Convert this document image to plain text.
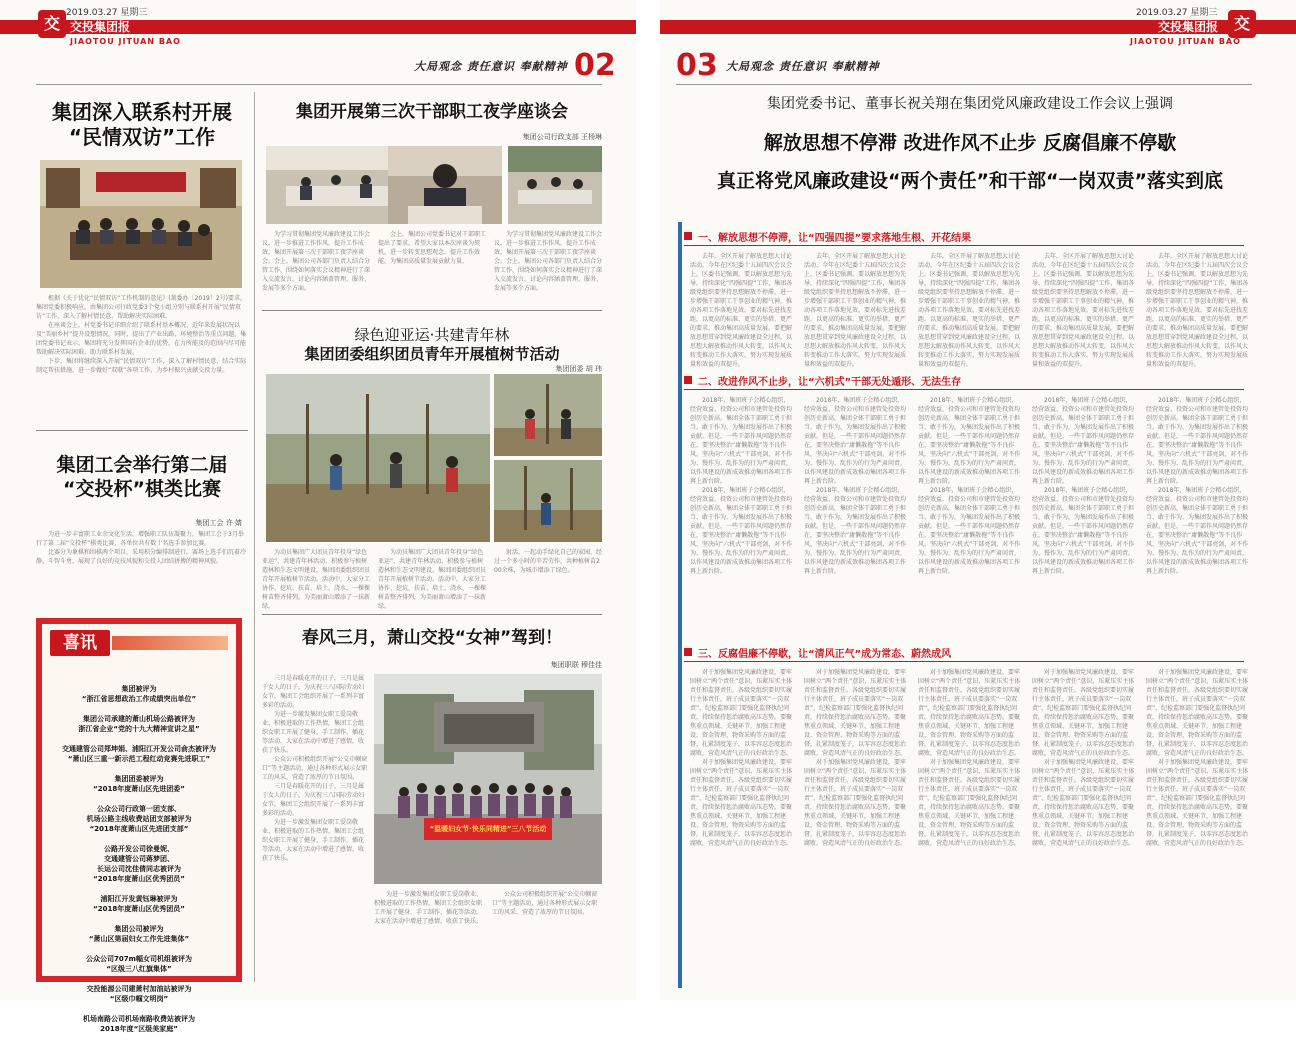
2019.03.27 星期三
交 交投集团报
JIAOTOU JITUAN BAO
大局观念 责任意识 奉献精神 02
集团深入联系村开展
“民情双访”工作

根据《关于优化“民情双访”工作机制的意见》(萧委办〔2019〕2号)要求，集团党委积极响应，由集团公司行政党委3个党小组分别与联系村开展“民情双访”工作，深入了解村情民意，帮助解决实际困难。

在座谈会上，村党委书记详细介绍了联系村基本概况、近年来发展状况以及“美丽乡村”提升设想情况。同时，提出了产业出路、环境整治等重点问题。集团党委书记表示，集团将充分发挥国有企业的优势，在力所能及的范围内尽可能帮助解决实际困难，助力联系村发展。

下步，集团将继续深入开展“民情双访”工作，深入了解村情民意，结合实际制定帮扶措施，进一步做好“双联”各项工作，为乡村振兴贡献交投力量。

集团工会举行第二届
“交投杯”棋类比赛
集团工会 许 婧

为进一步丰富职工业余文化生活，增强职工队伍凝聚力，集团工会于3月举行了第二届“交投杯”棋类比赛，各单位共有数十名选手参加比赛。

比赛分为象棋和围棋两个项目，采用积分编排制进行。赛场上选手们沉着冷静、斗智斗勇，展现了良好的竞技风貌和交投人团结拼搏的精神风貌。

喜讯
集团被评为
“浙江省思想政治工作成绩突出单位”
集团公司承建的萧山机场公路被评为
浙江省企业“党的十九大精神宣讲之星”
交通建管公司郑坤娟、浦阳江开发公司俞杰被评为
“萧山区三重一新示范工程红动竞赛先进职工”
集团团委被评为
“2018年度萧山区先进团委”
公众公司行政第一团支部、
机场公路主线收费站团支部被评为
“2018年度萧山区先进团支部”
公路开发公司徐曼妮、
交通建管公司蒋梦团、
长运公司沈佳倩同志被评为
“2018年度萧山区优秀团员”
浦阳江开发黄钰琳被评为
“2018年度萧山区优秀团员”
集团公司被评为
“萧山区第届妇女工作先进集体”
公众公司707m幅女司机组被评为
“区级三八红旗集体”
交投能源公司建萧村加油站被评为
“区级巾帼文明岗”
机场南路公司机场南路收费站被评为
2018年度“区级美家庭”
集团开展第三次干部职工夜学座谈会
集团公司行政支部 王杨琳

为学习贯彻集团党风廉政建设工作会议，进一步推进工作作风，提升工作成效，集团开展第三次干部职工夜学座谈会。会上，集团公司各部门负责人结合分管工作，围绕如何落实会议精神进行了深入交流发言，讨论内容涵盖管理、服务、发展等多个方面。

会上，集团公司党委书记对干部职工提出了要求，希望大家以本次座谈为契机，进一步转变思想观念，提升工作效能，为集团高质量发展贡献力量。

为学习贯彻集团党风廉政建设工作会议，进一步推进工作作风，提升工作成效，集团开展第三次干部职工夜学座谈会。会上，集团公司各部门负责人结合分管工作，围绕如何落实会议精神进行了深入交流发言，讨论内容涵盖管理、服务、发展等多个方面。

绿色迎亚运·共建青年林
集团团委组织团员青年开展植树节活动
集团团委 胡 玮

为动员集团广大团员青年投身“绿色亚运”、共建青年林活动，积极参与植树造林和生态文明建设，集团团委组织团员青年开展植树节活动。活动中，大家分工协作、挖坑、扶苗、培土、浇水，一棵棵树苗整齐排列，为美丽萧山增添了一抹新绿。

为动员集团广大团员青年投身“绿色亚运”、共建青年林活动，积极参与植树造林和生态文明建设，集团团委组织团员青年开展植树节活动。活动中，大家分工协作、挖坑、扶苗、培土、浇水，一棵棵树苗整齐排列，为美丽萧山增添了一抹新绿。

射活，一起动手绿化自己的家园，经过一个多小时的辛苦劳作，共种植树苗200余株，为城市增添了绿色。

春风三月，萧山交投“女神”驾到！
集团职联 穆佳佳

三月是春暖花开的日子，三月是属于女人的日子。为庆祝三八国际劳动妇女节，集团工会组织开展了一系列丰富多彩的活动。

为进一步激发集团女职工爱岗敬业、积极进取的工作热情，集团工会组织女职工开展了健身、手工制作、插花等活动，大家在活动中增进了感情，收获了快乐。

公众公司积极组织开展“公交巾帼窗口”等主题活动，通过各种形式展示女职工的风采，营造了浓厚的节日氛围。

三月是春暖花开的日子，三月是属于女人的日子。为庆祝三八国际劳动妇女节，集团工会组织开展了一系列丰富多彩的活动。

为进一步激发集团女职工爱岗敬业、积极进取的工作热情，集团工会组织女职工开展了健身、手工制作、插花等活动，大家在活动中增进了感情，收获了快乐。

“温暖妇女节·快乐同精进”三八节活动

为进一步激发集团女职工爱岗敬业、积极进取的工作热情，集团工会组织女职工开展了健身、手工制作、插花等活动，大家在活动中增进了感情，收获了快乐。

公众公司积极组织开展“公交巾帼窗口”等主题活动，通过各种形式展示女职工的风采，营造了浓厚的节日氛围。

2019.03.27 星期三
交
交投集团报
JIAOTOU JITUAN BAO
03 大局观念 责任意识 奉献精神
集团党委书记、董事长祝关翔在集团党风廉政建设工作会议上强调
解放思想不停滞 改进作风不止步 反腐倡廉不停歇
真正将党风廉政建设“两个责任”和干部“一岗双责”落实到底
一、解放思想不停滞，让“四强四提”要求落地生根、开花结果

去年，全区开展了解放思想大讨论活动，今年在区纪委十五届四次会议会上，区委书记强调，要以解放思想为先导，持续深化“四强四提”工作，集团各级党组织要坚持思想解放不停滞，进一步增强干部职工干事创业的精气神，推动各项工作落地见效。要对标先进找差距，以更高的标准、更实的举措、更严的要求，推动集团高质量发展。要把解放思想贯穿到党风廉政建设全过程，以思想大解放推动作风大转变，以作风大转变推动工作大落实，努力实现发展质量和效益的双提升。

去年，全区开展了解放思想大讨论活动，今年在区纪委十五届四次会议会上，区委书记强调，要以解放思想为先导，持续深化“四强四提”工作，集团各级党组织要坚持思想解放不停滞，进一步增强干部职工干事创业的精气神，推动各项工作落地见效。要对标先进找差距，以更高的标准、更实的举措、更严的要求，推动集团高质量发展。要把解放思想贯穿到党风廉政建设全过程，以思想大解放推动作风大转变，以作风大转变推动工作大落实，努力实现发展质量和效益的双提升。

去年，全区开展了解放思想大讨论活动，今年在区纪委十五届四次会议会上，区委书记强调，要以解放思想为先导，持续深化“四强四提”工作，集团各级党组织要坚持思想解放不停滞，进一步增强干部职工干事创业的精气神，推动各项工作落地见效。要对标先进找差距，以更高的标准、更实的举措、更严的要求，推动集团高质量发展。要把解放思想贯穿到党风廉政建设全过程，以思想大解放推动作风大转变，以作风大转变推动工作大落实，努力实现发展质量和效益的双提升。

去年，全区开展了解放思想大讨论活动，今年在区纪委十五届四次会议会上，区委书记强调，要以解放思想为先导，持续深化“四强四提”工作，集团各级党组织要坚持思想解放不停滞，进一步增强干部职工干事创业的精气神，推动各项工作落地见效。要对标先进找差距，以更高的标准、更实的举措、更严的要求，推动集团高质量发展。要把解放思想贯穿到党风廉政建设全过程，以思想大解放推动作风大转变，以作风大转变推动工作大落实，努力实现发展质量和效益的双提升。

去年，全区开展了解放思想大讨论活动，今年在区纪委十五届四次会议会上，区委书记强调，要以解放思想为先导，持续深化“四强四提”工作，集团各级党组织要坚持思想解放不停滞，进一步增强干部职工干事创业的精气神，推动各项工作落地见效。要对标先进找差距，以更高的标准、更实的举措、更严的要求，推动集团高质量发展。要把解放思想贯穿到党风廉政建设全过程，以思想大解放推动作风大转变，以作风大转变推动工作大落实，努力实现发展质量和效益的双提升。

二、改进作风不止步，让“六机式”干部无处遁形、无法生存

2018年，集团班子会精心组织，经营效益、投资公司和市建管处投资均创历史新高，集团全体干部职工勇于担当、敢于作为，为集团发展作出了积极贡献。但是，一些干部作风问题仍然存在，要坚决整治“庸懒散拖”等不良作风，坚决向“六机式”干部亮剑，对不作为、慢作为、乱作为的行为严肃问责，以作风建设的新成效推动集团各项工作再上新台阶。

2018年，集团班子会精心组织，经营效益、投资公司和市建管处投资均创历史新高，集团全体干部职工勇于担当、敢于作为，为集团发展作出了积极贡献。但是，一些干部作风问题仍然存在，要坚决整治“庸懒散拖”等不良作风，坚决向“六机式”干部亮剑，对不作为、慢作为、乱作为的行为严肃问责，以作风建设的新成效推动集团各项工作再上新台阶。

2018年，集团班子会精心组织，经营效益、投资公司和市建管处投资均创历史新高，集团全体干部职工勇于担当、敢于作为，为集团发展作出了积极贡献。但是，一些干部作风问题仍然存在，要坚决整治“庸懒散拖”等不良作风，坚决向“六机式”干部亮剑，对不作为、慢作为、乱作为的行为严肃问责，以作风建设的新成效推动集团各项工作再上新台阶。

2018年，集团班子会精心组织，经营效益、投资公司和市建管处投资均创历史新高，集团全体干部职工勇于担当、敢于作为，为集团发展作出了积极贡献。但是，一些干部作风问题仍然存在，要坚决整治“庸懒散拖”等不良作风，坚决向“六机式”干部亮剑，对不作为、慢作为、乱作为的行为严肃问责，以作风建设的新成效推动集团各项工作再上新台阶。

2018年，集团班子会精心组织，经营效益、投资公司和市建管处投资均创历史新高，集团全体干部职工勇于担当、敢于作为，为集团发展作出了积极贡献。但是，一些干部作风问题仍然存在，要坚决整治“庸懒散拖”等不良作风，坚决向“六机式”干部亮剑，对不作为、慢作为、乱作为的行为严肃问责，以作风建设的新成效推动集团各项工作再上新台阶。

2018年，集团班子会精心组织，经营效益、投资公司和市建管处投资均创历史新高，集团全体干部职工勇于担当、敢于作为，为集团发展作出了积极贡献。但是，一些干部作风问题仍然存在，要坚决整治“庸懒散拖”等不良作风，坚决向“六机式”干部亮剑，对不作为、慢作为、乱作为的行为严肃问责，以作风建设的新成效推动集团各项工作再上新台阶。

2018年，集团班子会精心组织，经营效益、投资公司和市建管处投资均创历史新高，集团全体干部职工勇于担当、敢于作为，为集团发展作出了积极贡献。但是，一些干部作风问题仍然存在，要坚决整治“庸懒散拖”等不良作风，坚决向“六机式”干部亮剑，对不作为、慢作为、乱作为的行为严肃问责，以作风建设的新成效推动集团各项工作再上新台阶。

2018年，集团班子会精心组织，经营效益、投资公司和市建管处投资均创历史新高，集团全体干部职工勇于担当、敢于作为，为集团发展作出了积极贡献。但是，一些干部作风问题仍然存在，要坚决整治“庸懒散拖”等不良作风，坚决向“六机式”干部亮剑，对不作为、慢作为、乱作为的行为严肃问责，以作风建设的新成效推动集团各项工作再上新台阶。

2018年，集团班子会精心组织，经营效益、投资公司和市建管处投资均创历史新高，集团全体干部职工勇于担当、敢于作为，为集团发展作出了积极贡献。但是，一些干部作风问题仍然存在，要坚决整治“庸懒散拖”等不良作风，坚决向“六机式”干部亮剑，对不作为、慢作为、乱作为的行为严肃问责，以作风建设的新成效推动集团各项工作再上新台阶。

2018年，集团班子会精心组织，经营效益、投资公司和市建管处投资均创历史新高，集团全体干部职工勇于担当、敢于作为，为集团发展作出了积极贡献。但是，一些干部作风问题仍然存在，要坚决整治“庸懒散拖”等不良作风，坚决向“六机式”干部亮剑，对不作为、慢作为、乱作为的行为严肃问责，以作风建设的新成效推动集团各项工作再上新台阶。

三、反腐倡廉不停歇，让“清风正气”成为常态、蔚然成风

对于加强集团党风廉政建设，要牢固树立“两个责任”意识，压紧压实主体责任和监督责任。各级党组织要切实履行主体责任，班子成员要落实“一岗双责”，纪检监察部门要强化监督执纪问责，持续保持惩治腐败高压态势。要聚焦重点领域、关键环节，加强工程建设、资金管理、物资采购等方面的监督，扎紧制度笼子，以零容忍态度惩治腐败，营造风清气正的良好政治生态。

对于加强集团党风廉政建设，要牢固树立“两个责任”意识，压紧压实主体责任和监督责任。各级党组织要切实履行主体责任，班子成员要落实“一岗双责”，纪检监察部门要强化监督执纪问责，持续保持惩治腐败高压态势。要聚焦重点领域、关键环节，加强工程建设、资金管理、物资采购等方面的监督，扎紧制度笼子，以零容忍态度惩治腐败，营造风清气正的良好政治生态。

对于加强集团党风廉政建设，要牢固树立“两个责任”意识，压紧压实主体责任和监督责任。各级党组织要切实履行主体责任，班子成员要落实“一岗双责”，纪检监察部门要强化监督执纪问责，持续保持惩治腐败高压态势。要聚焦重点领域、关键环节，加强工程建设、资金管理、物资采购等方面的监督，扎紧制度笼子，以零容忍态度惩治腐败，营造风清气正的良好政治生态。

对于加强集团党风廉政建设，要牢固树立“两个责任”意识，压紧压实主体责任和监督责任。各级党组织要切实履行主体责任，班子成员要落实“一岗双责”，纪检监察部门要强化监督执纪问责，持续保持惩治腐败高压态势。要聚焦重点领域、关键环节，加强工程建设、资金管理、物资采购等方面的监督，扎紧制度笼子，以零容忍态度惩治腐败，营造风清气正的良好政治生态。

对于加强集团党风廉政建设，要牢固树立“两个责任”意识，压紧压实主体责任和监督责任。各级党组织要切实履行主体责任，班子成员要落实“一岗双责”，纪检监察部门要强化监督执纪问责，持续保持惩治腐败高压态势。要聚焦重点领域、关键环节，加强工程建设、资金管理、物资采购等方面的监督，扎紧制度笼子，以零容忍态度惩治腐败，营造风清气正的良好政治生态。

对于加强集团党风廉政建设，要牢固树立“两个责任”意识，压紧压实主体责任和监督责任。各级党组织要切实履行主体责任，班子成员要落实“一岗双责”，纪检监察部门要强化监督执纪问责，持续保持惩治腐败高压态势。要聚焦重点领域、关键环节，加强工程建设、资金管理、物资采购等方面的监督，扎紧制度笼子，以零容忍态度惩治腐败，营造风清气正的良好政治生态。

对于加强集团党风廉政建设，要牢固树立“两个责任”意识，压紧压实主体责任和监督责任。各级党组织要切实履行主体责任，班子成员要落实“一岗双责”，纪检监察部门要强化监督执纪问责，持续保持惩治腐败高压态势。要聚焦重点领域、关键环节，加强工程建设、资金管理、物资采购等方面的监督，扎紧制度笼子，以零容忍态度惩治腐败，营造风清气正的良好政治生态。

对于加强集团党风廉政建设，要牢固树立“两个责任”意识，压紧压实主体责任和监督责任。各级党组织要切实履行主体责任，班子成员要落实“一岗双责”，纪检监察部门要强化监督执纪问责，持续保持惩治腐败高压态势。要聚焦重点领域、关键环节，加强工程建设、资金管理、物资采购等方面的监督，扎紧制度笼子，以零容忍态度惩治腐败，营造风清气正的良好政治生态。

对于加强集团党风廉政建设，要牢固树立“两个责任”意识，压紧压实主体责任和监督责任。各级党组织要切实履行主体责任，班子成员要落实“一岗双责”，纪检监察部门要强化监督执纪问责，持续保持惩治腐败高压态势。要聚焦重点领域、关键环节，加强工程建设、资金管理、物资采购等方面的监督，扎紧制度笼子，以零容忍态度惩治腐败，营造风清气正的良好政治生态。

对于加强集团党风廉政建设，要牢固树立“两个责任”意识，压紧压实主体责任和监督责任。各级党组织要切实履行主体责任，班子成员要落实“一岗双责”，纪检监察部门要强化监督执纪问责，持续保持惩治腐败高压态势。要聚焦重点领域、关键环节，加强工程建设、资金管理、物资采购等方面的监督，扎紧制度笼子，以零容忍态度惩治腐败，营造风清气正的良好政治生态。
